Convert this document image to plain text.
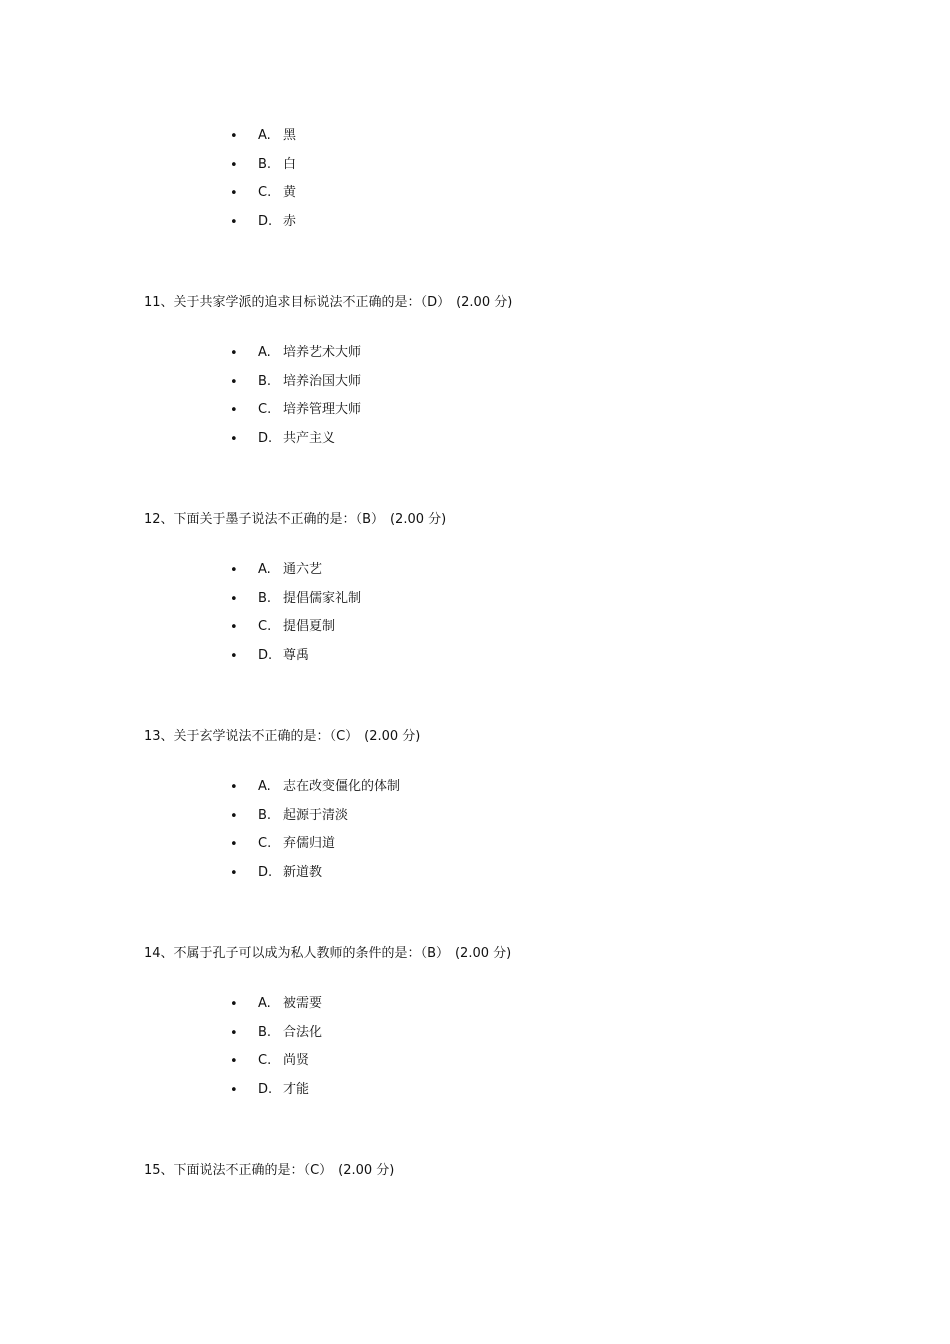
• A. 黑
• B. 白
• C. 黄
• D. 赤

11、关于共家学派的追求目标说法不正确的是：（D） (2.00 分)

• A. 培养艺术大师
• B. 培养治国大师
• C. 培养管理大师
• D. 共产主义

12、下面关于墨子说法不正确的是：（B） (2.00 分)

• A. 通六艺
• B. 提倡儒家礼制
• C. 提倡夏制
• D. 尊禹

13、关于玄学说法不正确的是：（C） (2.00 分)

• A. 志在改变僵化的体制
• B. 起源于清淡
• C. 弃儒归道
• D. 新道教

14、不属于孔子可以成为私人教师的条件的是：（B） (2.00 分)

• A. 被需要
• B. 合法化
• C. 尚贤
• D. 才能

15、下面说法不正确的是：（C） (2.00 分)
